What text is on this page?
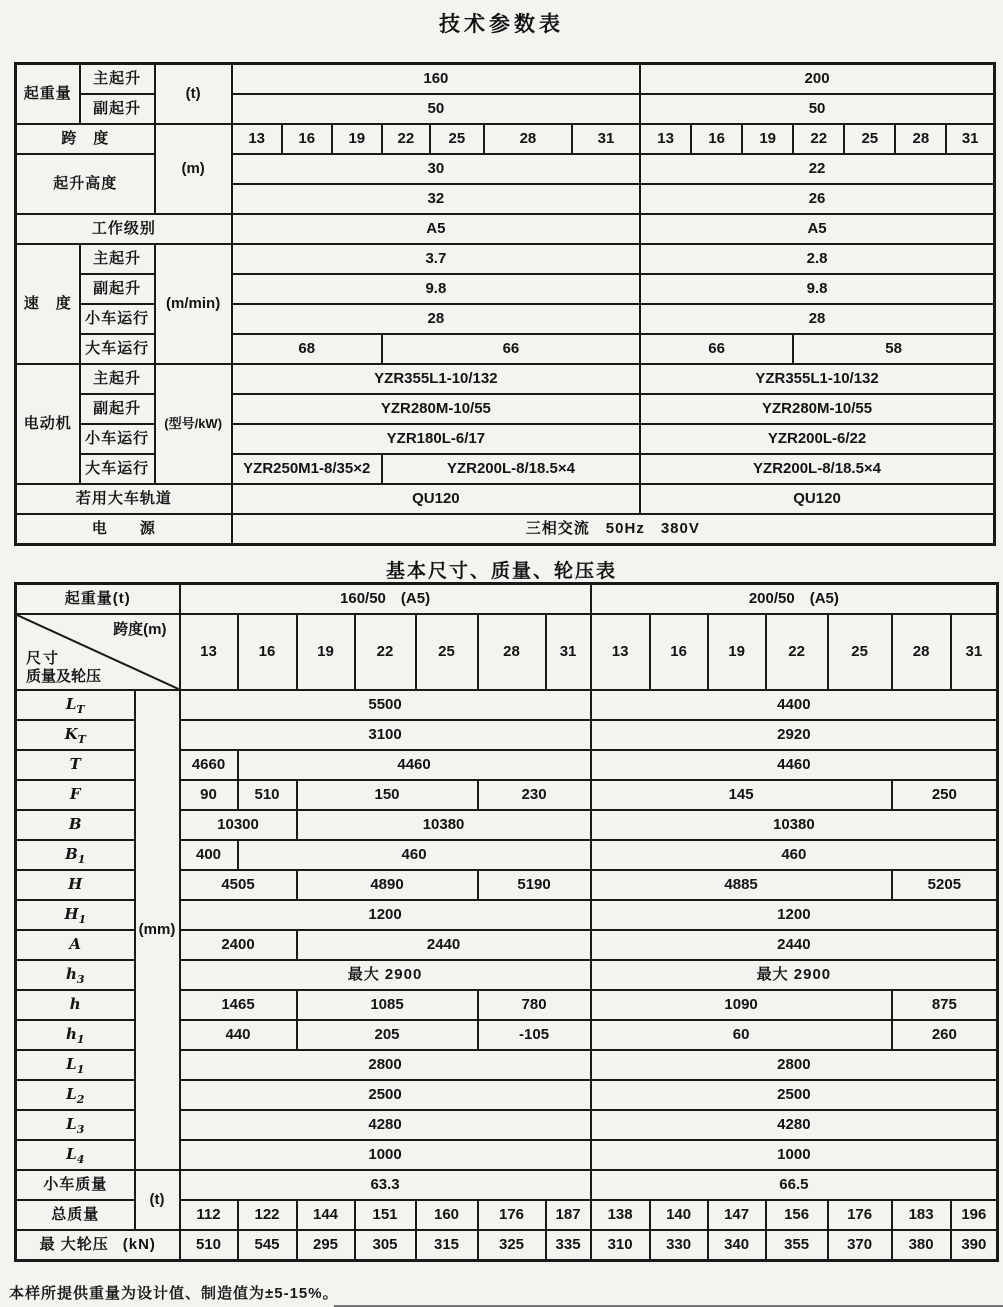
技术参数表
起重量	主起升	(t)	160							200						
	副起升		50							50						
跨　度		(m)	13	16	19	22	25	28	31	13	16	19	22	25	28	31
起升高度			30							22						
			32							26						
工作级别			A5							A5						
速　度	主起升	(m/min)	3.7							2.8						
	副起升		9.8							9.8						
	小车运行		28							28						
	大车运行		68			66				66			58			
电动机	主起升	(型号/kW)	YZR355L1-10/132							YZR355L1-10/132						
	副起升		YZR280M-10/55							YZR280M-10/55						
	小车运行		YZR180L-6/17							YZR200L-6/22						
	大车运行		YZR250M1-8/35×2			YZR200L-8/18.5×4				YZR200L-8/18.5×4						
若用大车轨道			QU120							QU120						
电　　源			三相交流　50Hz　380V													
基本尺寸、质量、轮压表
起重量(t)		160/50　(A5)							200/50　(A5)						

跨度(m)
尺寸
质量及轮压		13	16	19	22	25	28	31	13	16	19	22	25	28	31
$L_T$	(mm)	5500							4400						
$K_T$		3100							2920						
T		4660	4460						4460						
F		90	510	150			230		145					250	
B		10300		10380					10380						
$B_1$		400	460						460						
H		4505		4890			5190		4885					5205	
$H_1$		1200							1200						
A		2400		2440					2440						
$h_3$		最大 2900							最大 2900						
h		1465		1085			780		1090					875	
$h_1$		440		205			-105		60					260	
$L_1$		2800							2800						
$L_2$		2500							2500						
$L_3$		4280							4280						
$L_4$		1000							1000						
小车质量	(t)	63.3							66.5						
总质量		112	122	144	151	160	176	187	138	140	147	156	176	183	196
最 大轮压 (kN)		510	545	295	305	315	325	335	310	330	340	355	370	380	390
本样所提供重量为设计值、制造值为±5-15%。
